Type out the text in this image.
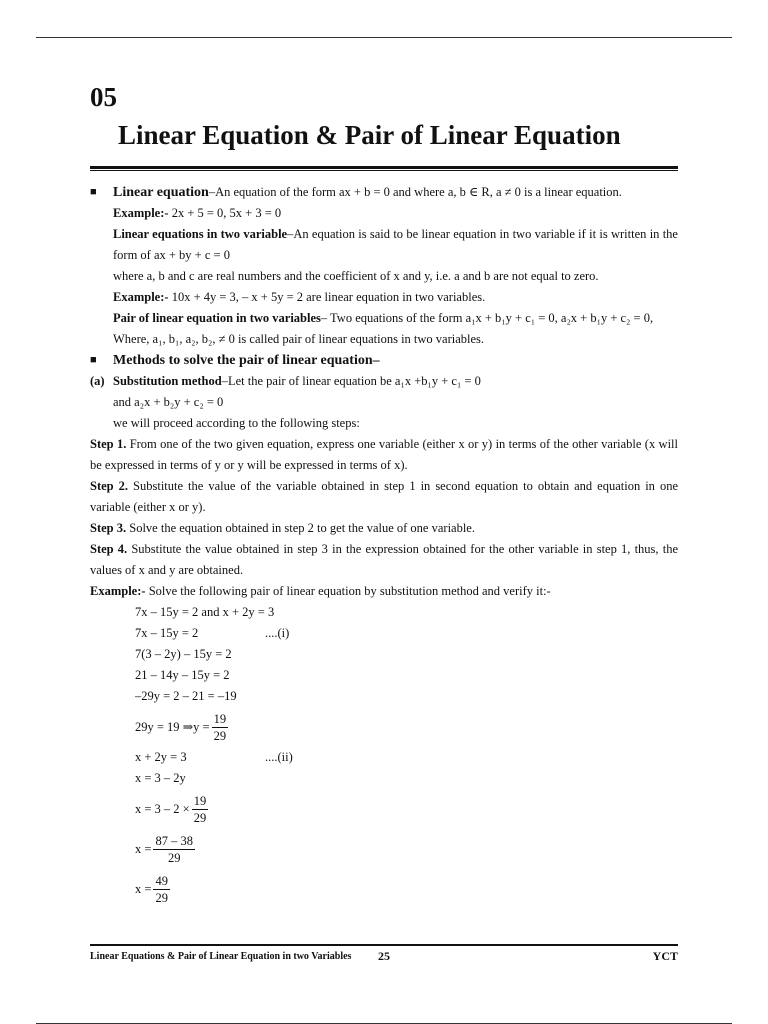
05
Linear Equation & Pair of Linear Equation
■ Linear equation–An equation of the form ax + b = 0 and where a, b ∈ R, a ≠ 0 is a linear equation.
Example:- 2x + 5 = 0, 5x + 3 = 0
Linear equations in two variable–An equation is said to be linear equation in two variable if it is written in the form of ax + by + c = 0
where a, b and c are real numbers and the coefficient of x and y, i.e. a and b are not equal to zero.
Example:- 10x + 4y = 3, – x + 5y = 2 are linear equation in two variables.
Pair of linear equation in two variables– Two equations of the form a₁x + b₁y + c₁ = 0, a₂x + b₁y + c₂ = 0,
Where, a₁, b₁, a₂, b₂, ≠ 0 is called pair of linear equations in two variables.
■ Methods to solve the pair of linear equation–
(a) Substitution method–Let the pair of linear equation be a₁x +b₁y + c₁ = 0
and a₂x + b₂y + c₂ = 0
we will proceed according to the following steps:
Step 1. From one of the two given equation, express one variable (either x or y) in terms of the other variable (x will be expressed in terms of y or y will be expressed in terms of x).
Step 2. Substitute the value of the variable obtained in step 1 in second equation to obtain and equation in one variable (either x or y).
Step 3. Solve the equation obtained in step 2 to get the value of one variable.
Step 4. Substitute the value obtained in step 3 in the expression obtained for the other variable in step 1, thus, the values of x and y are obtained.
Example:- Solve the following pair of linear equation by substitution method and verify it:-
7x – 15y = 2 and x + 2y = 3
7x – 15y = 2	....(i)
7(3 – 2y) – 15y = 2
21 – 14y – 15y = 2
–29y = 2 – 21 = –19
29y = 19
⇒ $y = \frac{19}{29}$
x + 2y = 3	....(ii)
x = 3 – 2y
$x = 3 - 2 \times \frac{19}{29}$
$x = \frac{87 - 38}{29}$
$x = \frac{49}{29}$
Linear Equations & Pair of Linear Equation in two Variables 25	YCT
